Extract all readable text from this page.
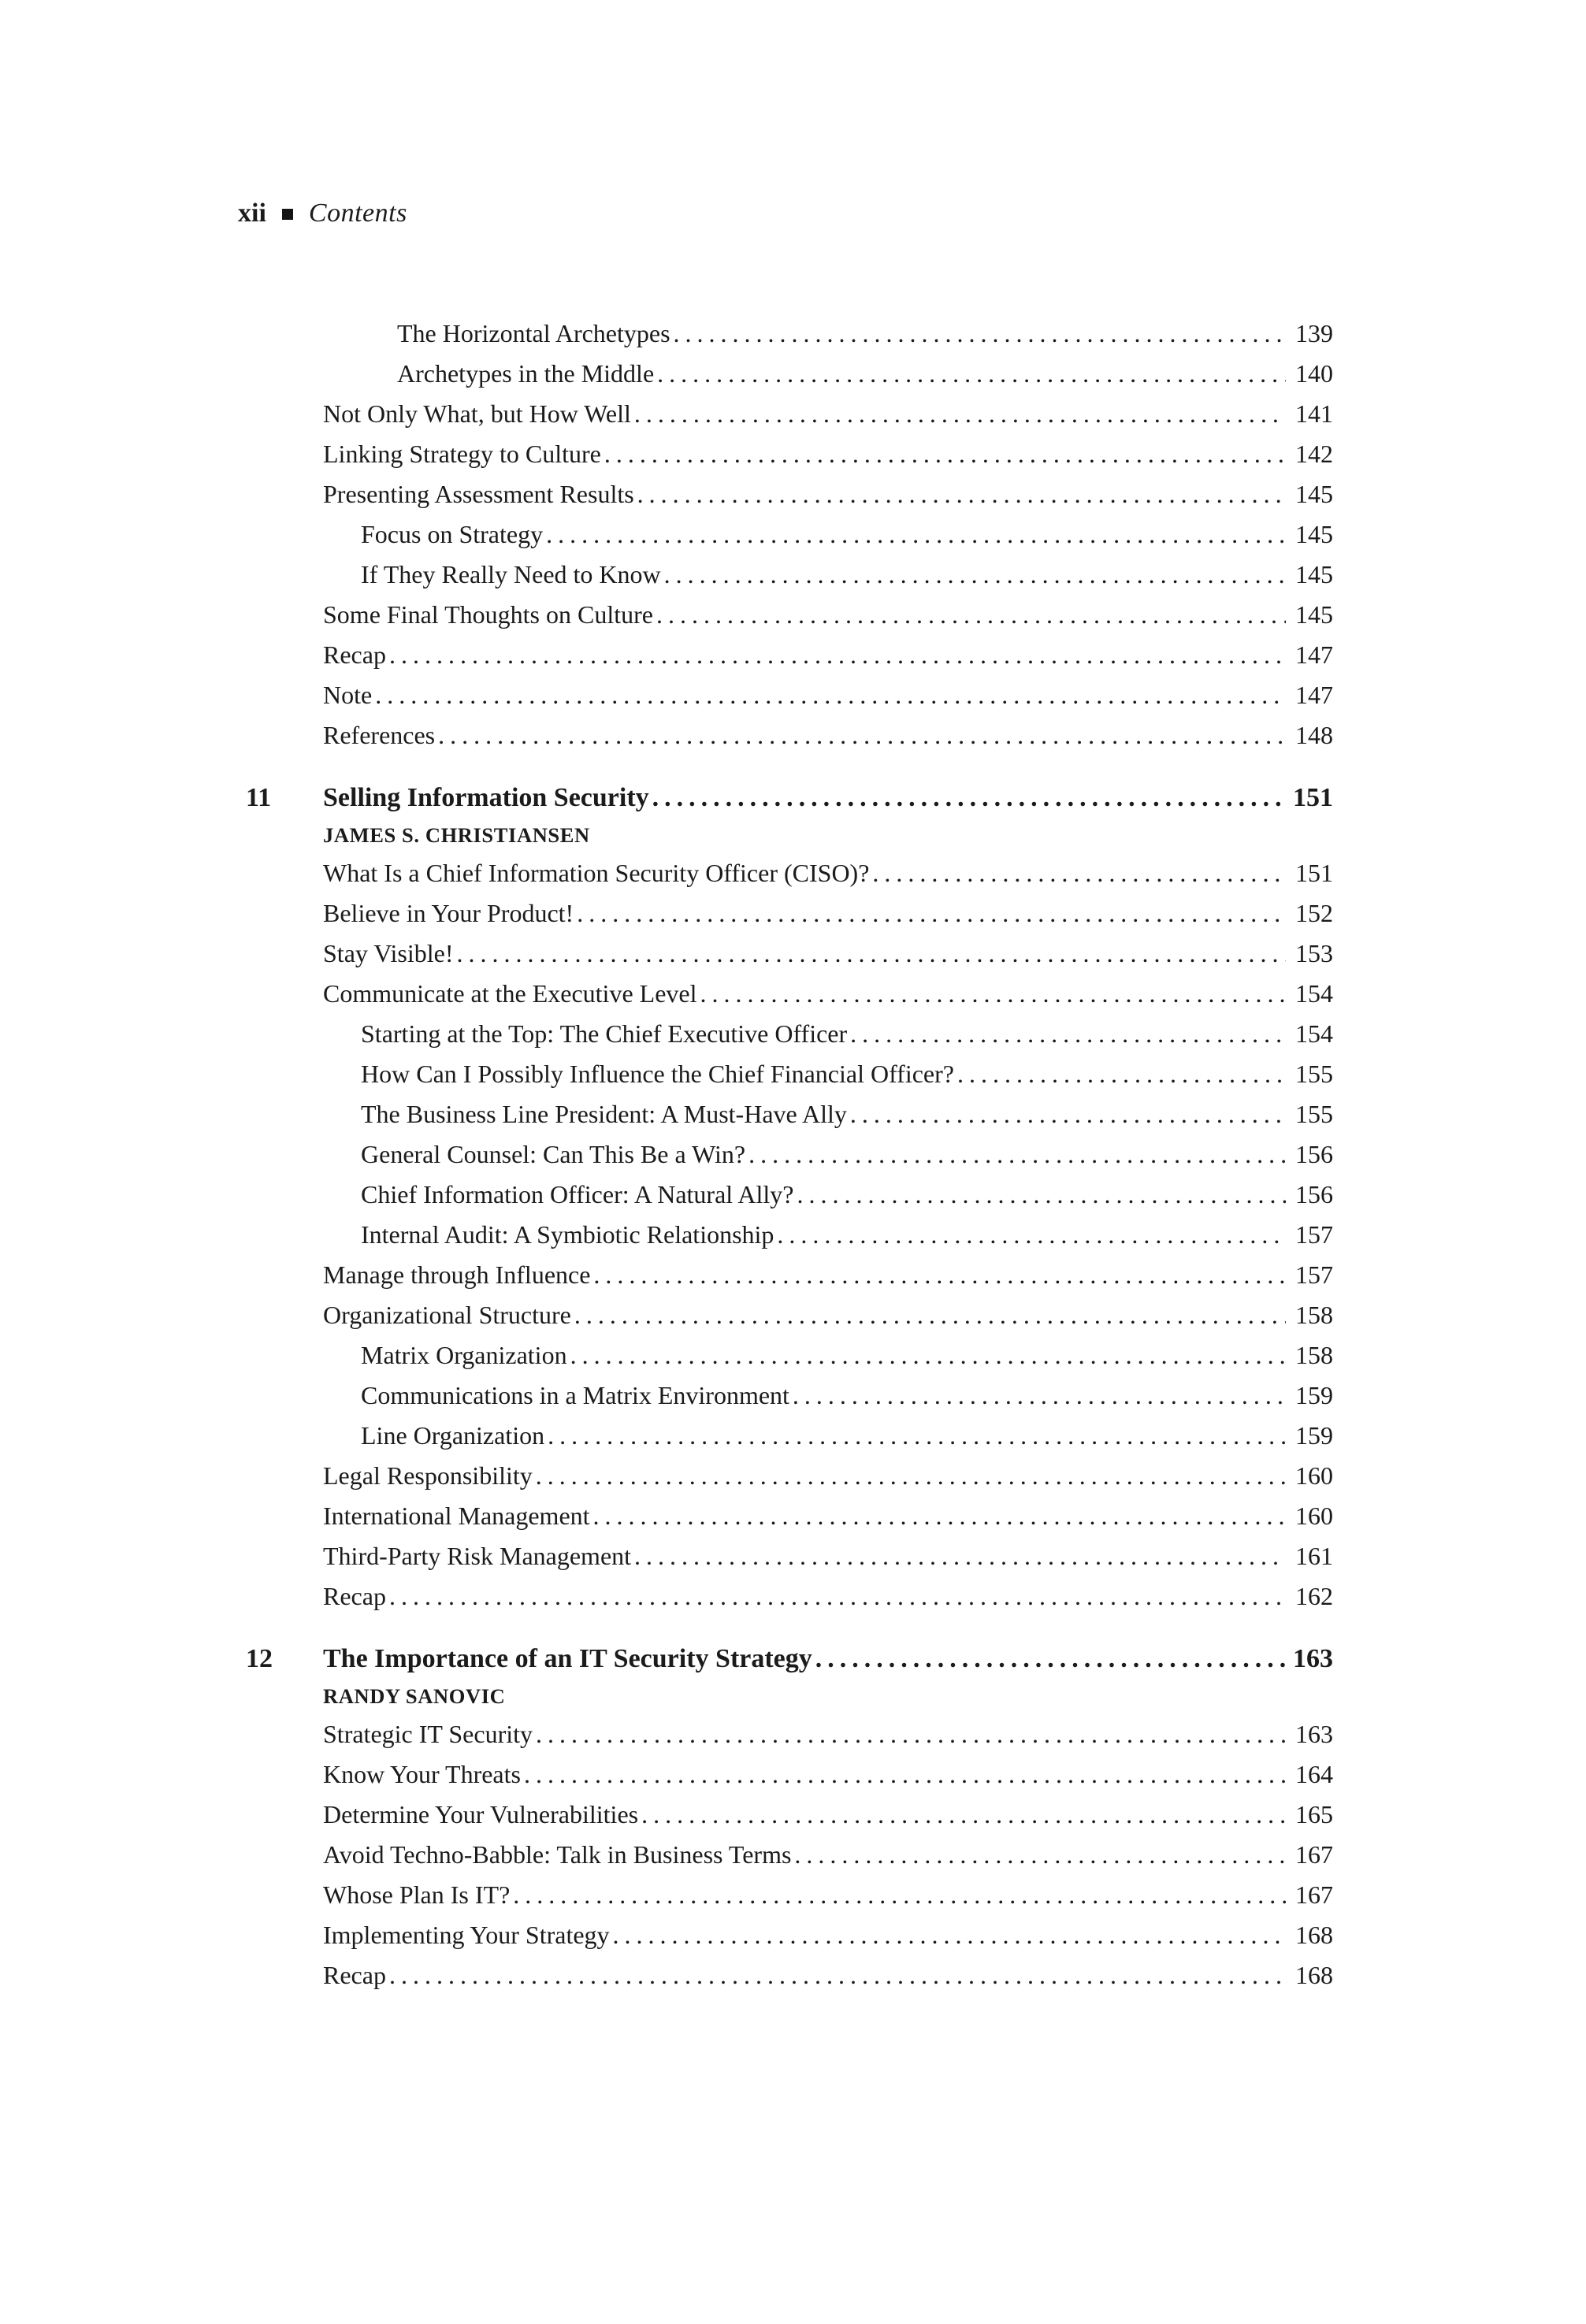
xii Contents
The Horizontal Archetypes .....	139
Archetypes in the Middle .....	140
Not Only What, but How Well .....	141
Linking Strategy to Culture .....	142
Presenting Assessment Results .....	145
Focus on Strategy .....	145
If They Really Need to Know .....	145
Some Final Thoughts on Culture .....	145
Recap .....	147
Note .....	147
References .....	148
11	Selling Information Security .....	151
JAMES S. CHRISTIANSEN
What Is a Chief Information Security Officer (CISO)? .....	151
Believe in Your Product! .....	152
Stay Visible! .....	153
Communicate at the Executive Level .....	154
Starting at the Top: The Chief Executive Officer .....	154
How Can I Possibly Influence the Chief Financial Officer? .....	155
The Business Line President: A Must-Have Ally .....	155
General Counsel: Can This Be a Win? .....	156
Chief Information Officer: A Natural Ally? .....	156
Internal Audit: A Symbiotic Relationship .....	157
Manage through Influence .....	157
Organizational Structure .....	158
Matrix Organization .....	158
Communications in a Matrix Environment .....	159
Line Organization .....	159
Legal Responsibility .....	160
International Management .....	160
Third-Party Risk Management .....	161
Recap .....	162
12	The Importance of an IT Security Strategy .....	163
RANDY SANOVIC
Strategic IT Security .....	163
Know Your Threats .....	164
Determine Your Vulnerabilities .....	165
Avoid Techno-Babble: Talk in Business Terms .....	167
Whose Plan Is IT? .....	167
Implementing Your Strategy .....	168
Recap .....	168
